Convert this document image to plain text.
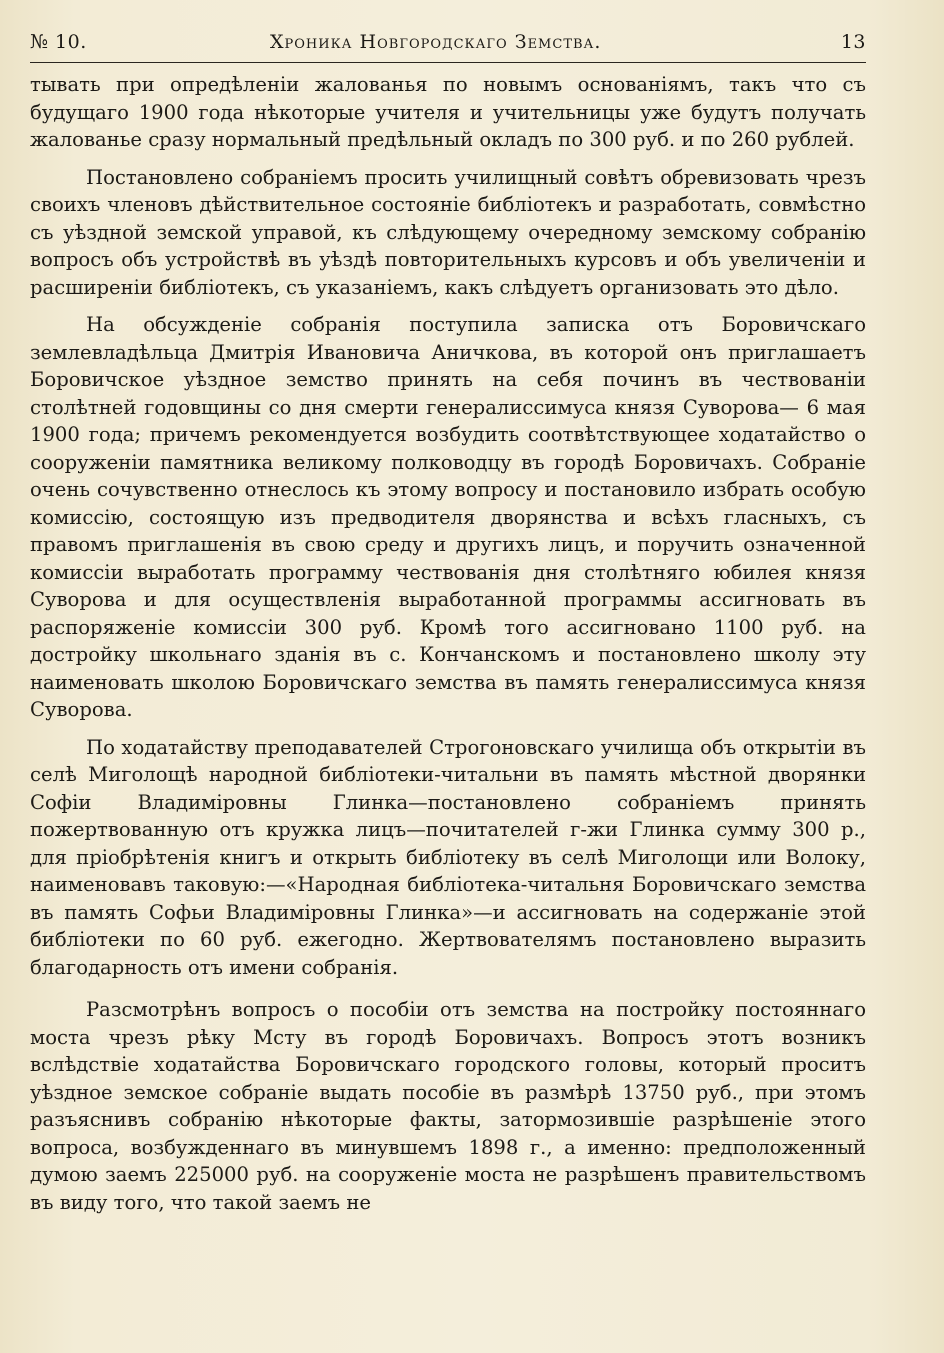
№ 10.	Хроника Новгородскаго Земства.	13

тывать при опредѣленіи жалованья по новымъ основаніямъ, такъ что съ будущаго 1900 года нѣкоторые учителя и учительницы уже будутъ получать жалованье сразу нормальный предѣльный окладъ по 300 руб. и по 260 рублей.

Постановлено собраніемъ просить училищный совѣтъ обревизовать чрезъ своихъ членовъ дѣйствительное состояніе библіотекъ и разработать, совмѣстно съ уѣздной земской управой, къ слѣдующему очередному земскому собранію вопросъ объ устройствѣ въ уѣздѣ повторительныхъ курсовъ и объ увеличеніи и расширеніи библіотекъ, съ указаніемъ, какъ слѣдуетъ организовать это дѣло.

На обсужденіе собранія поступила записка отъ Боровичскаго землевладѣльца Дмитрія Ивановича Аничкова, въ которой онъ приглашаетъ Боровичское уѣздное земство принять на себя починъ въ чествованіи столѣтней годовщины со дня смерти генералиссимуса князя Суворова— 6 мая 1900 года; причемъ рекомендуется возбудить соотвѣтствующее ходатайство о сооруженіи памятника великому полководцу въ городѣ Боровичахъ. Собраніе очень сочувственно отнеслось къ этому вопросу и постановило избрать особую комиссію, состоящую изъ предводителя дворянства и всѣхъ гласныхъ, съ правомъ приглашенія въ свою среду и другихъ лицъ, и поручить означенной комиссіи выработать программу чествованія дня столѣтняго юбилея князя Суворова и для осуществленія выработанной программы ассигновать въ распоряженіе комиссіи 300 руб. Кромѣ того ассигновано 1100 руб. на достройку школьнаго зданія въ с. Кончанскомъ и постановлено школу эту наименовать школою Боровичскаго земства въ память генералиссимуса князя Суворова.

По ходатайству преподавателей Строгоновскаго училища объ открытіи въ селѣ Миголощѣ народной библіотеки-читальни въ память мѣстной дворянки Софіи Владиміровны Глинка—постановлено собраніемъ принять пожертвованную отъ кружка лицъ—почитателей г-жи Глинка сумму 300 р., для пріобрѣтенія книгъ и открыть библіотеку въ селѣ Миголощи или Волоку, наименовавъ таковую:—«Народная библіотека-читальня Боровичскаго земства въ память Софьи Владиміровны Глинка»—и ассигновать на содержаніе этой библіотеки по 60 руб. ежегодно. Жертвователямъ постановлено выразить благодарность отъ имени собранія.

Разсмотрѣнъ вопросъ о пособіи отъ земства на постройку постояннаго моста чрезъ рѣку Мсту въ городѣ Боровичахъ. Вопросъ этотъ возникъ вслѣдствіе ходатайства Боровичскаго городского головы, который проситъ уѣздное земское собраніе выдать пособіе въ размѣрѣ 13750 руб., при этомъ разъяснивъ собранію нѣкоторые факты, затормозившіе разрѣшеніе этого вопроса, возбужденнаго въ минувшемъ 1898 г., а именно: предположенный думою заемъ 225000 руб. на сооруженіе моста не разрѣшенъ правительствомъ въ виду того, что такой заемъ не
